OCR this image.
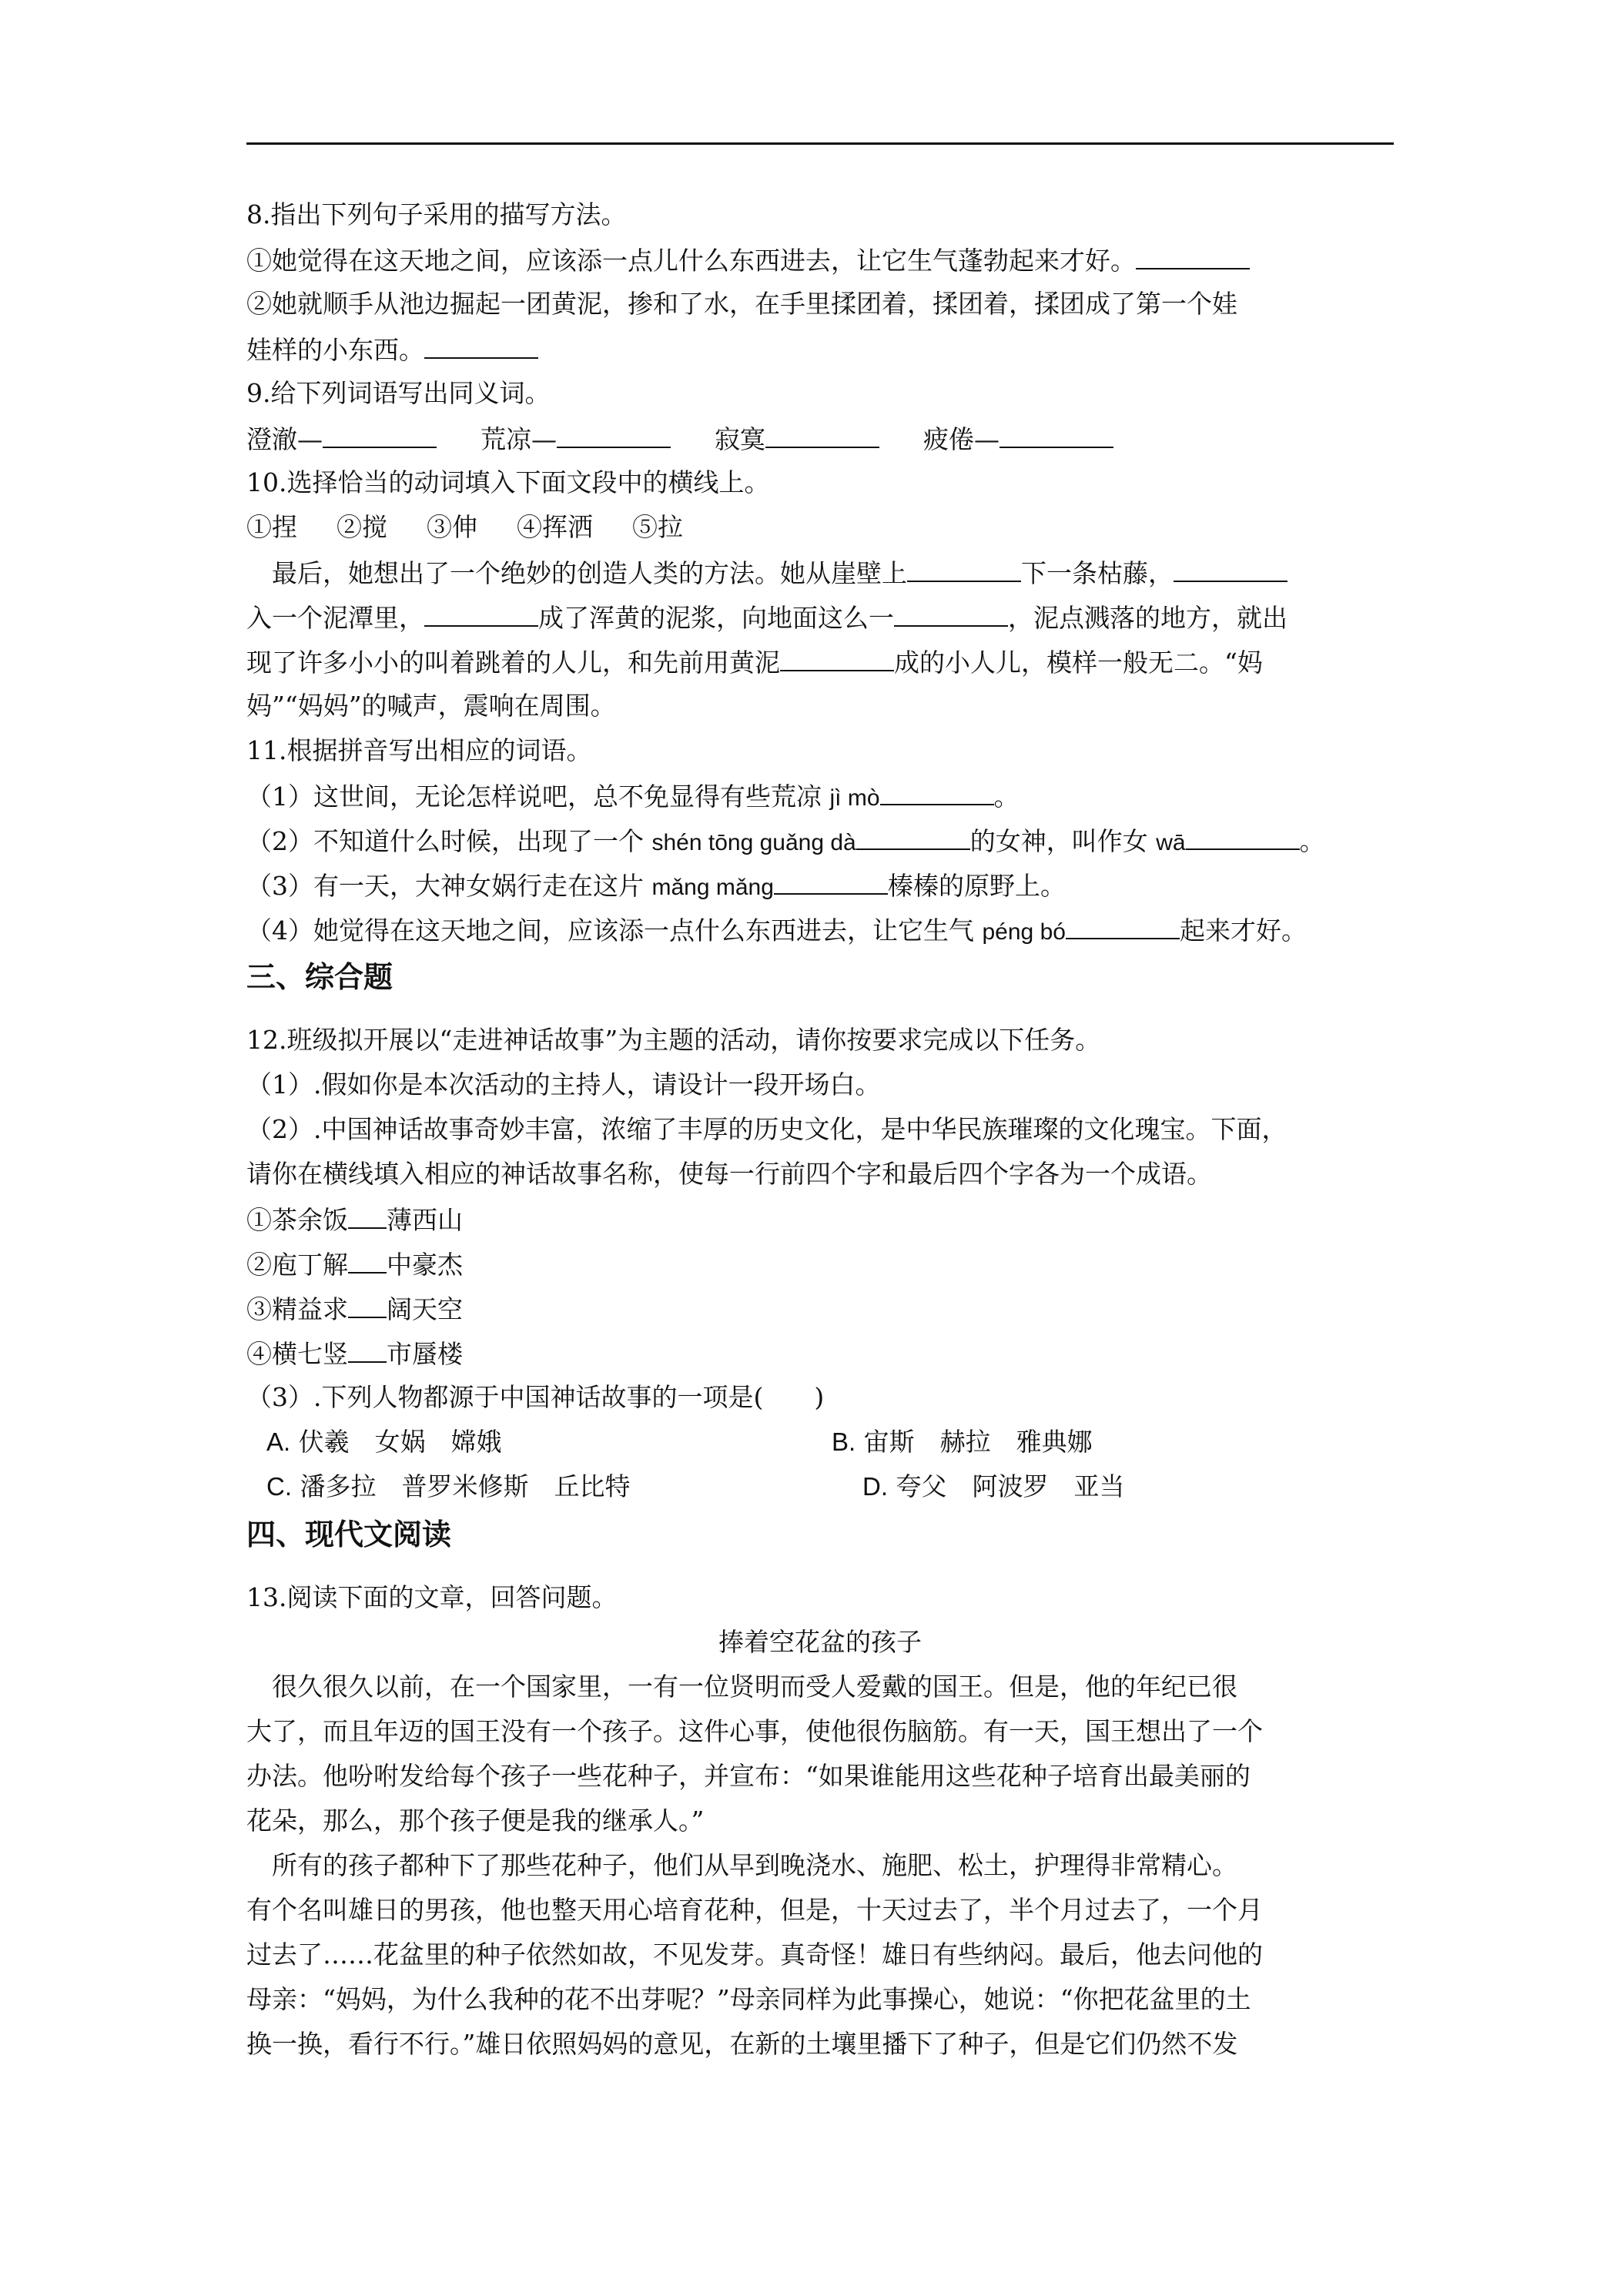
8.指出下列句子采用的描写方法。
①她觉得在这天地之间，应该添一点儿什么东西进去，让它生气蓬勃起来才好。
②她就顺手从池边掘起一团黄泥，掺和了水，在手里揉团着，揉团着，揉团成了第一个娃
娃样的小东西。
9.给下列词语写出同义词。
澄澈—	荒凉—	寂寞	疲倦—
10.选择恰当的动词填入下面文段中的横线上。
①捏 ②搅 ③伸 ④挥洒 ⑤拉
最后，她想出了一个绝妙的创造人类的方法。她从崖壁上	下一条枯藤，
入一个泥潭里，	成了浑黄的泥浆，向地面这么一	，泥点溅落的地方，就出
现了许多小小的叫着跳着的人儿，和先前用黄泥	成的小人儿，模样一般无二。“妈
妈”“妈妈”的喊声，震响在周围。
11.根据拼音写出相应的词语。
（1）这世间，无论怎样说吧，总不免显得有些荒凉 jì mò	。
（2）不知道什么时候，出现了一个 shén tōng guǎng dà	的女神，叫作女 wā	。
（3）有一天，大神女娲行走在这片 mǎng mǎng	榛榛的原野上。
（4）她觉得在这天地之间，应该添一点什么东西进去，让它生气 péng bó	起来才好。
三、综合题
12.班级拟开展以“走进神话故事”为主题的活动，请你按要求完成以下任务。
（1）.假如你是本次活动的主持人，请设计一段开场白。
（2）.中国神话故事奇妙丰富，浓缩了丰厚的历史文化，是中华民族璀璨的文化瑰宝。下面，
请你在横线填入相应的神话故事名称，使每一行前四个字和最后四个字各为一个成语。
①茶余饭 薄西山
②庖丁解 中豪杰
③精益求 阔天空
④横七竖 市蜃楼
（3）.下列人物都源于中国神话故事的一项是(　　)
A. 伏羲　女娲　嫦娥	B. 宙斯　赫拉　雅典娜
C. 潘多拉　普罗米修斯　丘比特	D. 夸父　阿波罗　亚当
四、现代文阅读
13.阅读下面的文章，回答问题。
捧着空花盆的孩子
很久很久以前，在一个国家里，一有一位贤明而受人爱戴的国王。但是，他的年纪已很
大了，而且年迈的国王没有一个孩子。这件心事，使他很伤脑筋。有一天，国王想出了一个
办法。他吩咐发给每个孩子一些花种子，并宣布：“如果谁能用这些花种子培育出最美丽的
花朵，那么，那个孩子便是我的继承人。”
所有的孩子都种下了那些花种子，他们从早到晚浇水、施肥、松土，护理得非常精心。
有个名叫雄日的男孩，他也整天用心培育花种，但是，十天过去了，半个月过去了，一个月
过去了……花盆里的种子依然如故，不见发芽。真奇怪！雄日有些纳闷。最后，他去问他的
母亲：“妈妈，为什么我种的花不出芽呢？”母亲同样为此事操心，她说：“你把花盆里的土
换一换，看行不行。”雄日依照妈妈的意见，在新的土壤里播下了种子，但是它们仍然不发
